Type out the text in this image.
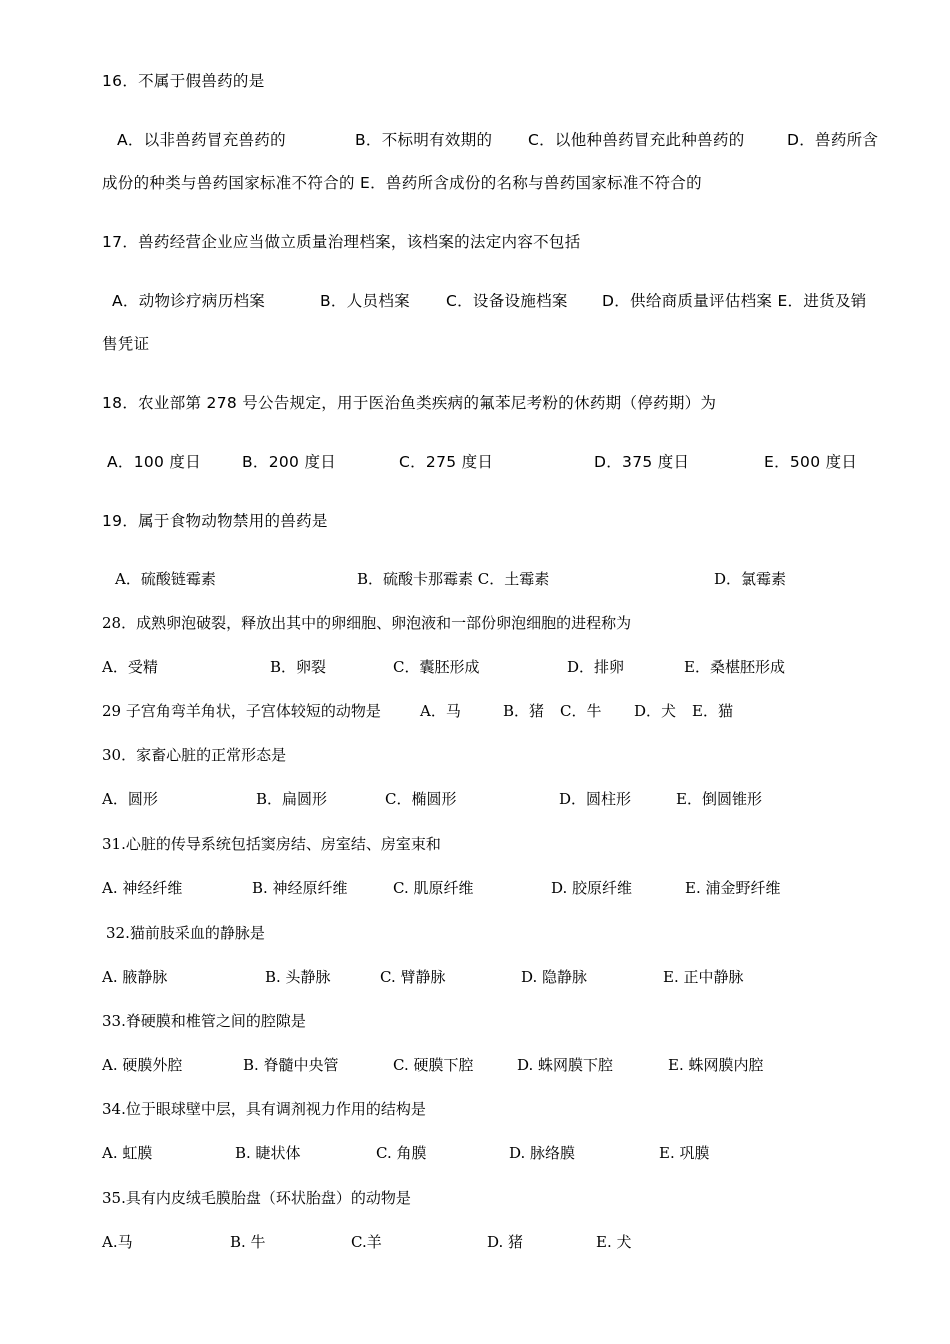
16．不属于假兽药的是
A．以非兽药冒充兽药的	B．不标明有效期的 C．以他种兽药冒充此种兽药的	D．兽药所含
成份的种类与兽药国家标准不符合的 E．兽药所含成份的名称与兽药国家标准不符合的
17．兽药经营企业应当做立质量治理档案，该档案的法定内容不包括
A．动物诊疗病历档案	B．人员档案 C．设备设施档案 D．供给商质量评估档案 E．进货及销
售凭证
18．农业部第 278 号公告规定，用于医治鱼类疾病的氟苯尼考粉的休药期（停药期）为
A．100 度日	B．200 度日	C．275 度日	D．375 度日	E．500 度日
19．属于食物动物禁用的兽药是
A．硫酸链霉素	B．硫酸卡那霉素 C．土霉素	D．氯霉素
28．成熟卵泡破裂，释放出其中的卵细胞、卵泡液和一部份卵泡细胞的进程称为
A．受精	B．卵裂	C．囊胚形成	D．排卵	E．桑椹胚形成
29 子宫角弯羊角状，子宫体较短的动物是	A．马	B．猪 C．牛 D．犬 E．猫
30．家畜心脏的正常形态是
A．圆形	B．扁圆形	C．椭圆形	D．圆柱形	E．倒圆锥形
31.心脏的传导系统包括窦房结、房室结、房室束和
A. 神经纤维	B. 神经原纤维	C. 肌原纤维	D. 胶原纤维	E. 浦金野纤维
32.猫前肢采血的静脉是
A. 腋静脉	B. 头静脉	C. 臂静脉	D. 隐静脉	E. 正中静脉
33.脊硬膜和椎管之间的腔隙是
A. 硬膜外腔	B. 脊髓中央管	C. 硬膜下腔	D. 蛛网膜下腔	E. 蛛网膜内腔
34.位于眼球壁中层，具有调剂视力作用的结构是
A. 虹膜	B. 睫状体	C. 角膜	D. 脉络膜	E. 巩膜
35.具有内皮绒毛膜胎盘（环状胎盘）的动物是
A.马	B. 牛	C.羊	D. 猪	E. 犬
